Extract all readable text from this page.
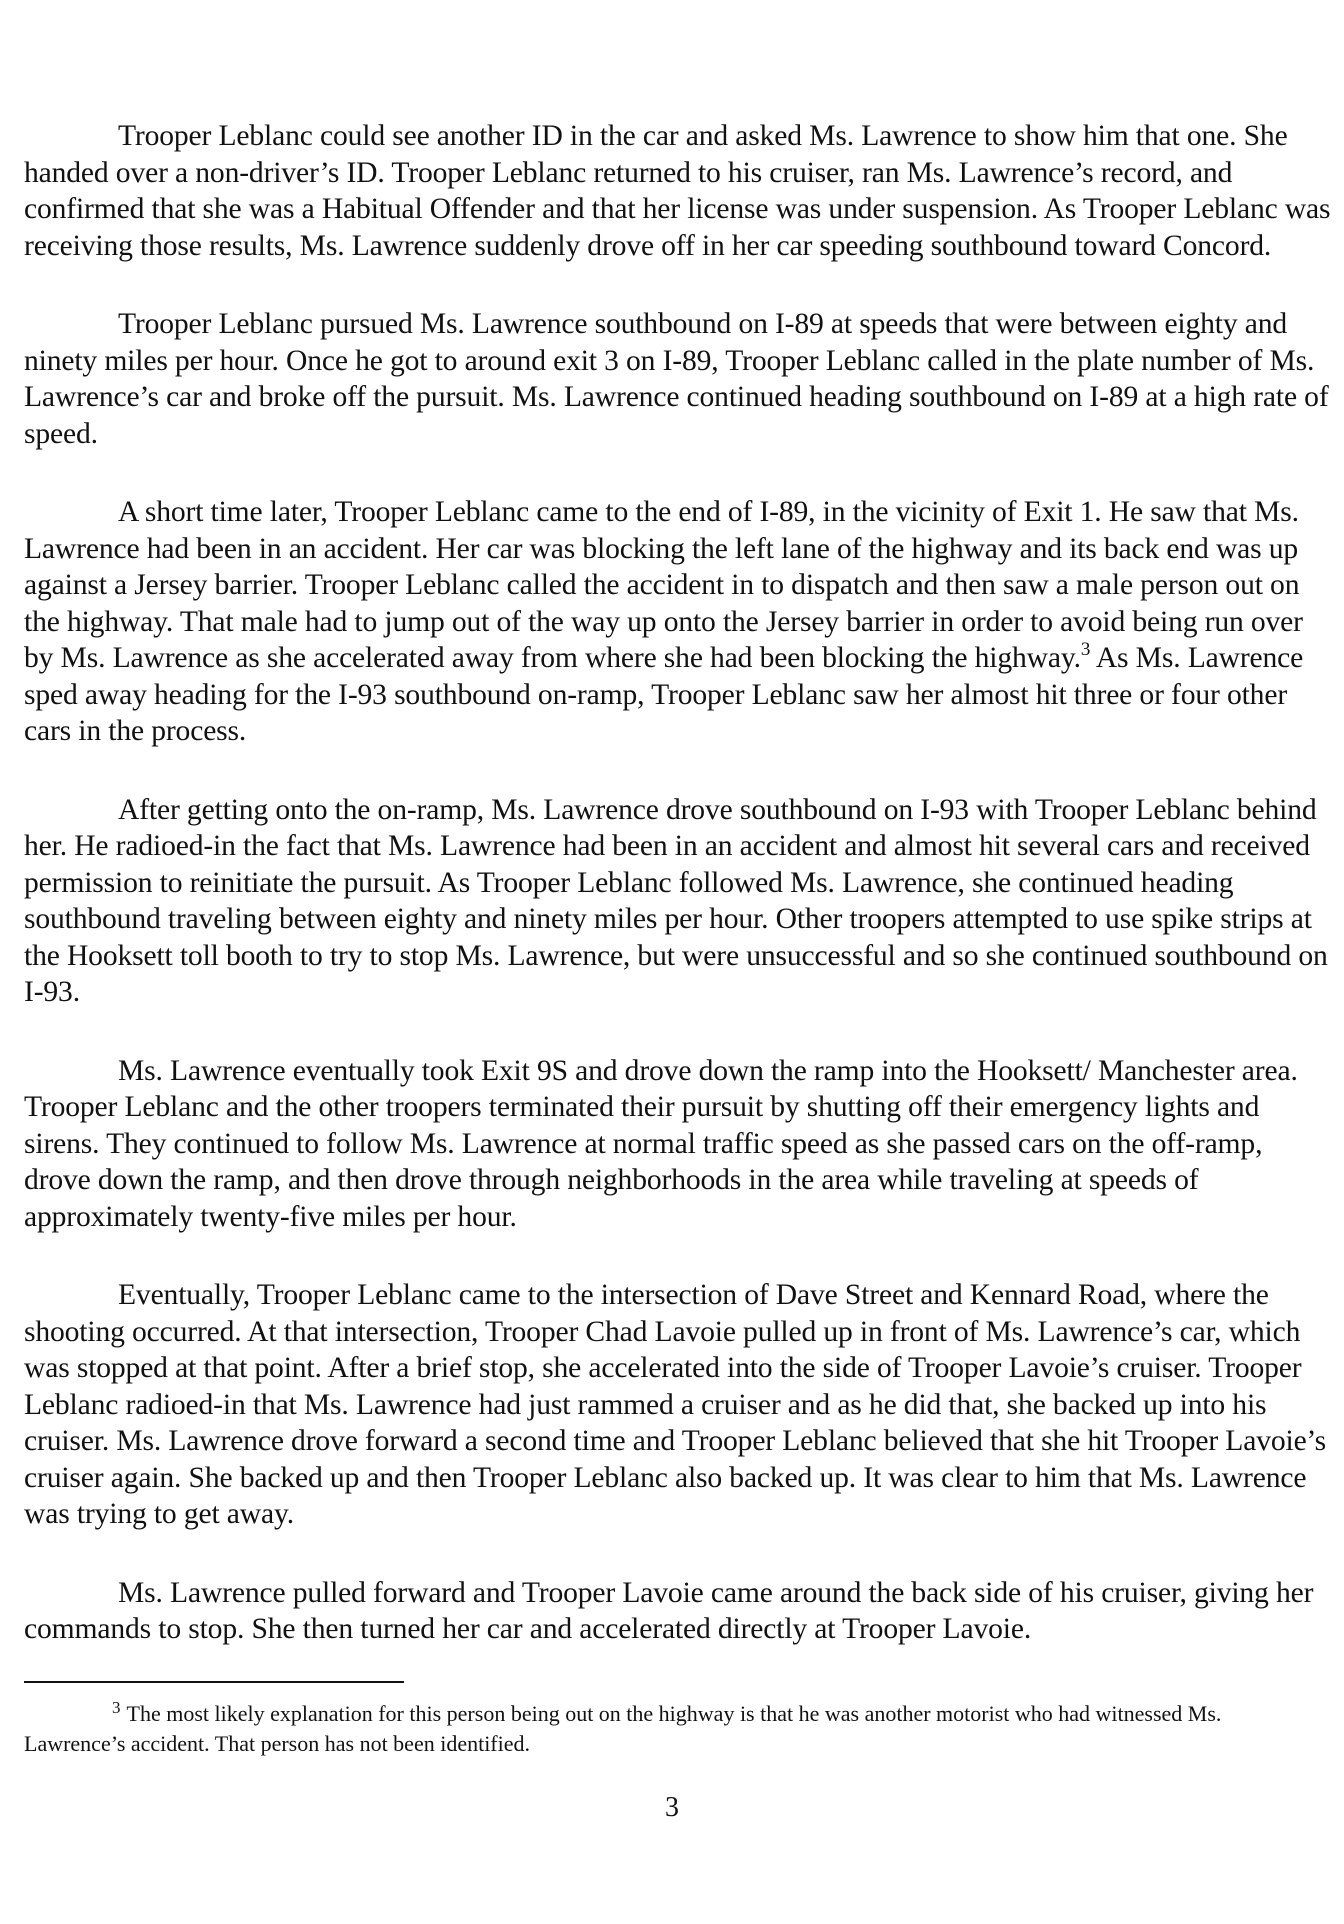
Trooper Leblanc could see another ID in the car and asked Ms. Lawrence to show him that one. She handed over a non-driver’s ID. Trooper Leblanc returned to his cruiser, ran Ms. Lawrence’s record, and confirmed that she was a Habitual Offender and that her license was under suspension. As Trooper Leblanc was receiving those results, Ms. Lawrence suddenly drove off in her car speeding southbound toward Concord.

Trooper Leblanc pursued Ms. Lawrence southbound on I-89 at speeds that were between eighty and ninety miles per hour. Once he got to around exit 3 on I-89, Trooper Leblanc called in the plate number of Ms. Lawrence’s car and broke off the pursuit. Ms. Lawrence continued heading southbound on I-89 at a high rate of speed.

A short time later, Trooper Leblanc came to the end of I-89, in the vicinity of Exit 1. He saw that Ms. Lawrence had been in an accident. Her car was blocking the left lane of the highway and its back end was up against a Jersey barrier. Trooper Leblanc called the accident in to dispatch and then saw a male person out on the highway. That male had to jump out of the way up onto the Jersey barrier in order to avoid being run over by Ms. Lawrence as she accelerated away from where she had been blocking the highway.$^3$ As Ms. Lawrence sped away heading for the I-93 southbound on-ramp, Trooper Leblanc saw her almost hit three or four other cars in the process.

After getting onto the on-ramp, Ms. Lawrence drove southbound on I-93 with Trooper Leblanc behind her. He radioed-in the fact that Ms. Lawrence had been in an accident and almost hit several cars and received permission to reinitiate the pursuit. As Trooper Leblanc followed Ms. Lawrence, she continued heading southbound traveling between eighty and ninety miles per hour. Other troopers attempted to use spike strips at the Hooksett toll booth to try to stop Ms. Lawrence, but were unsuccessful and so she continued southbound on I-93.

Ms. Lawrence eventually took Exit 9S and drove down the ramp into the Hooksett/ Manchester area. Trooper Leblanc and the other troopers terminated their pursuit by shutting off their emergency lights and sirens. They continued to follow Ms. Lawrence at normal traffic speed as she passed cars on the off-ramp, drove down the ramp, and then drove through neighborhoods in the area while traveling at speeds of approximately twenty-five miles per hour.

Eventually, Trooper Leblanc came to the intersection of Dave Street and Kennard Road, where the shooting occurred. At that intersection, Trooper Chad Lavoie pulled up in front of Ms. Lawrence’s car, which was stopped at that point. After a brief stop, she accelerated into the side of Trooper Lavoie’s cruiser. Trooper Leblanc radioed-in that Ms. Lawrence had just rammed a cruiser and as he did that, she backed up into his cruiser. Ms. Lawrence drove forward a second time and Trooper Leblanc believed that she hit Trooper Lavoie’s cruiser again. She backed up and then Trooper Leblanc also backed up. It was clear to him that Ms. Lawrence was trying to get away.

Ms. Lawrence pulled forward and Trooper Lavoie came around the back side of his cruiser, giving her commands to stop. She then turned her car and accelerated directly at Trooper Lavoie.

$^3$ The most likely explanation for this person being out on the highway is that he was another motorist who had witnessed Ms. Lawrence’s accident. That person has not been identified.

3
